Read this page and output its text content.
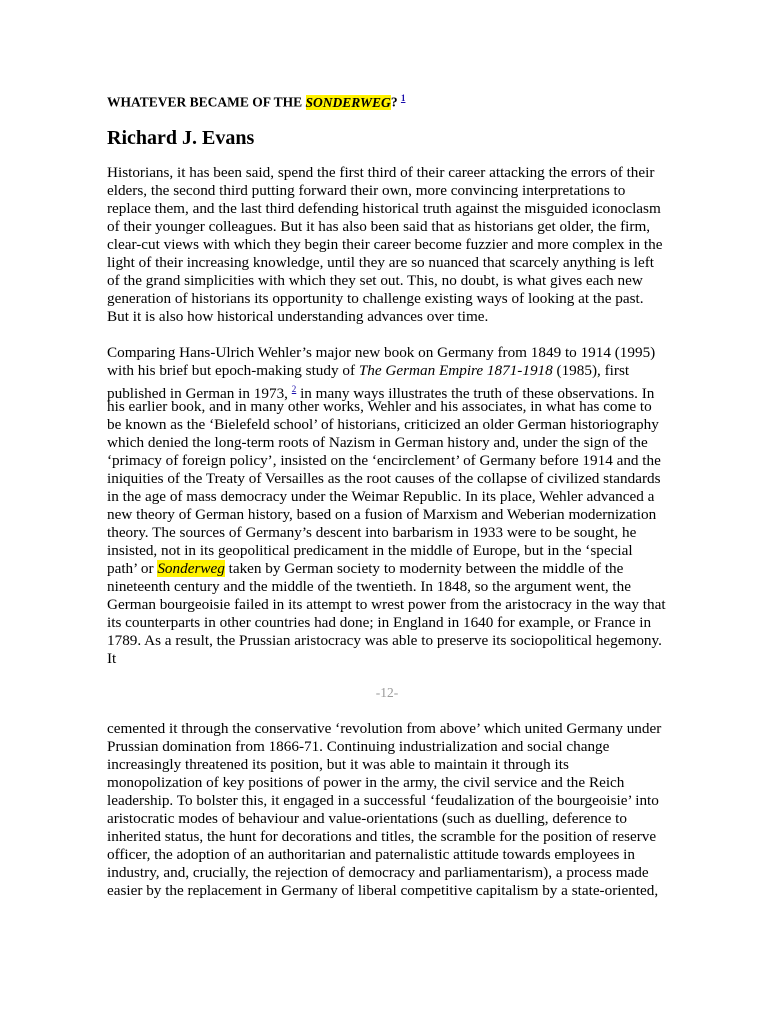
WHATEVER BECAME OF THE SONDERWEG? $^1$
Richard J. Evans
Historians, it has been said, spend the first third of their career attacking the errors of their
elders, the second third putting forward their own, more convincing interpretations to
replace them, and the last third defending historical truth against the misguided iconoclasm
of their younger colleagues. But it has also been said that as historians get older, the firm,
clear-cut views with which they begin their career become fuzzier and more complex in the
light of their increasing knowledge, until they are so nuanced that scarcely anything is left
of the grand simplicities with which they set out. This, no doubt, is what gives each new
generation of historians its opportunity to challenge existing ways of looking at the past.
But it is also how historical understanding advances over time.
Comparing Hans-Ulrich Wehler’s major new book on Germany from 1849 to 1914 (1995)
with his brief but epoch-making study of The German Empire 1871-1918 (1985), first
published in German in 1973, $^2$ in many ways illustrates the truth of these observations. In
his earlier book, and in many other works, Wehler and his associates, in what has come to
be known as the ‘Bielefeld school’ of historians, criticized an older German historiography
which denied the long-term roots of Nazism in German history and, under the sign of the
‘primacy of foreign policy’, insisted on the ‘encirclement’ of Germany before 1914 and the
iniquities of the Treaty of Versailles as the root causes of the collapse of civilized standards
in the age of mass democracy under the Weimar Republic. In its place, Wehler advanced a
new theory of German history, based on a fusion of Marxism and Weberian modernization
theory. The sources of Germany’s descent into barbarism in 1933 were to be sought, he
insisted, not in its geopolitical predicament in the middle of Europe, but in the ‘special
path’ or Sonderweg taken by German society to modernity between the middle of the
nineteenth century and the middle of the twentieth. In 1848, so the argument went, the
German bourgeoisie failed in its attempt to wrest power from the aristocracy in the way that
its counterparts in other countries had done; in England in 1640 for example, or France in
1789. As a result, the Prussian aristocracy was able to preserve its sociopolitical hegemony.
It
-12-
cemented it through the conservative ‘revolution from above’ which united Germany under
Prussian domination from 1866-71. Continuing industrialization and social change
increasingly threatened its position, but it was able to maintain it through its
monopolization of key positions of power in the army, the civil service and the Reich
leadership. To bolster this, it engaged in a successful ‘feudalization of the bourgeoisie’ into
aristocratic modes of behaviour and value-orientations (such as duelling, deference to
inherited status, the hunt for decorations and titles, the scramble for the position of reserve
officer, the adoption of an authoritarian and paternalistic attitude towards employees in
industry, and, crucially, the rejection of democracy and parliamentarism), a process made
easier by the replacement in Germany of liberal competitive capitalism by a state-oriented,
